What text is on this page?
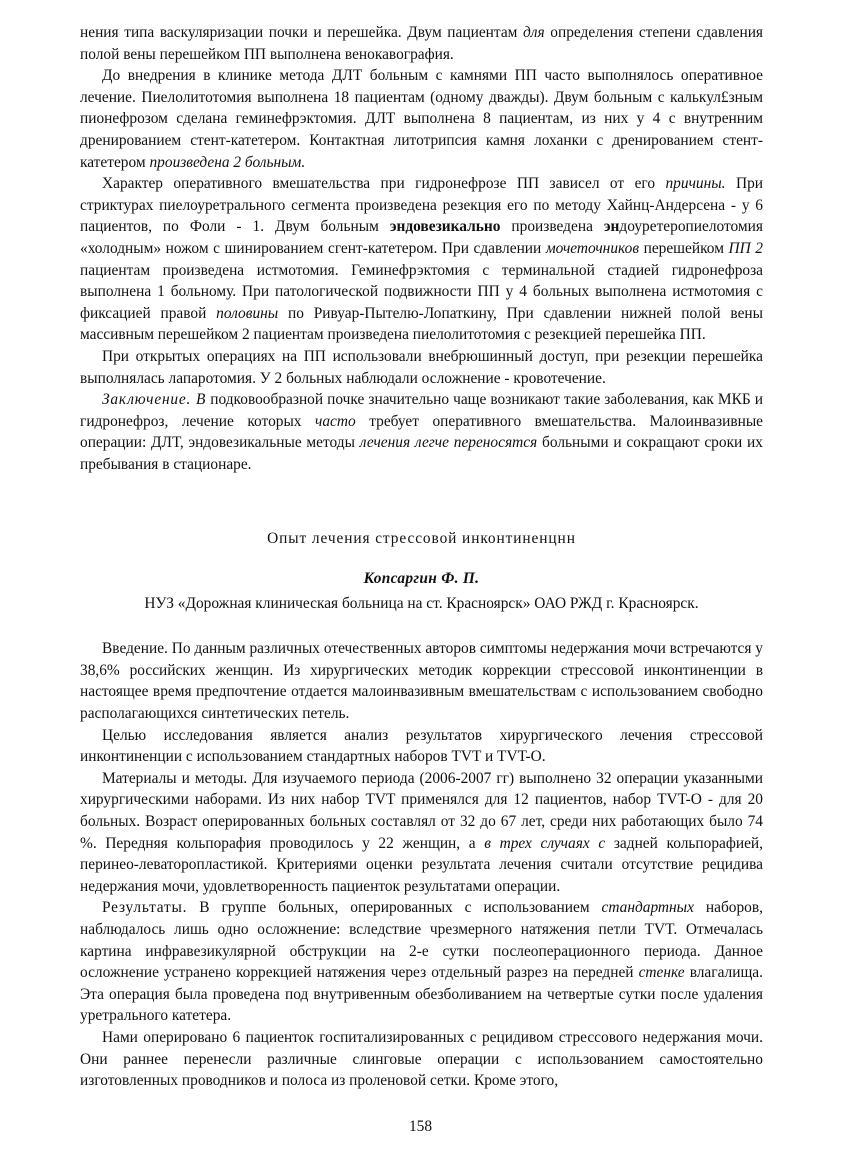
нения типа васкуляризации почки и перешейка. Двум пациентам для определения степени сдавления полой вены перешейком ПП выполнена венокавография.

До внедрения в клинике метода ДЛТ больным с камнями ПП часто выполнялось оперативное лечение. Пиелолитотомия выполнена 18 пациентам (одному дважды). Двум больным с калькул£зным пионефрозом сделана геминефрэктомия. ДЛТ выполнена 8 пациентам, из них у 4 с внутренним дренированием стент-катетером. Контактная литотрипсия камня лоханки с дренированием стент-катетером произведена 2 больным.

Характер оперативного вмешательства при гидронефрозе ПП зависел от его причины. При стриктурах пиелоуретрального сегмента произведена резекция его по методу Хайнц-Андерсена - у 6 пациентов, по Фоли - 1. Двум больным эндовезикально произведена эндоуретеропиелотомия «холодным» ножом с шинированием сгент-катетером. При сдавлении мочеточников перешейком ПП 2 пациентам произведена истмотомия. Геминефрэктомия с терминальной стадией гидронефроза выполнена 1 больному. При патологической подвижности ПП у 4 больных выполнена истмотомия с фиксацией правой половины по Ривуар-Пытелю-Лопаткину, При сдавлении нижней полой вены массивным перешейком 2 пациентам произведена пиелолитотомия с резекцией перешейка ПП.

При открытых операциях на ПП использовали внебрюшинный доступ, при резекции перешейка выполнялась лапаротомия. У 2 больных наблюдали осложнение - кровотечение.

Заключение. В подковообразной почке значительно чаще возникают такие заболевания, как МКБ и гидронефроз, лечение которых часто требует оперативного вмешательства. Малоинвазивные операции: ДЛТ, эндовезикальные методы лечения легче переносятся больными и сокращают сроки их пребывания в стационаре.

Опыт лечения стрессовой инконтиненцнн

Копсаргин Ф. П.

НУЗ «Дорожная клиническая больница на ст. Красноярск» ОАО РЖД г. Красноярск.

Введение. По данным различных отечественных авторов симптомы недержания мочи встречаются у 38,6% российских женщин. Из хирургических методик коррекции стрессовой инконтиненции в настоящее время предпочтение отдается малоинвазивным вмешательствам с использованием свободно располагающихся синтетических петель.

Целью исследования является анализ результатов хирургического лечения стрессовой инконтиненции с использованием стандартных наборов TVT и TVT-O.

Материалы и методы. Для изучаемого периода (2006-2007 гг) выполнено 32 операции указанными хирургическими наборами. Из них набор TVT применялся для 12 пациентов, набор TVT-O - для 20 больных. Возраст оперированных больных составлял от 32 до 67 лет, среди них работающих было 74 %. Передняя кольпорафия проводилось у 22 женщин, а в трех случаях с задней кольпорафией, перинео-леваторопластикой. Критериями оценки результата лечения считали отсутствие рецидива недержания мочи, удовлетворенность пациенток результатами операции.

Результаты. В группе больных, оперированных с использованием стандартных наборов, наблюдалось лишь одно осложнение: вследствие чрезмерного натяжения петли TVT. Отмечалась картина инфравезикулярной обструкции на 2-е сутки послеоперационного периода. Данное осложнение устранено коррекцией натяжения через отдельный разрез на передней стенке влагалища. Эта операция была проведена под внутривенным обезболиванием на четвертые сутки после удаления уретрального катетера.

Нами оперировано 6 пациенток госпитализированных с рецидивом стрессового недержания мочи. Они раннее перенесли различные слинговые операции с использованием самостоятельно изготовленных проводников и полоса из проленовой сетки. Кроме этого,

158
